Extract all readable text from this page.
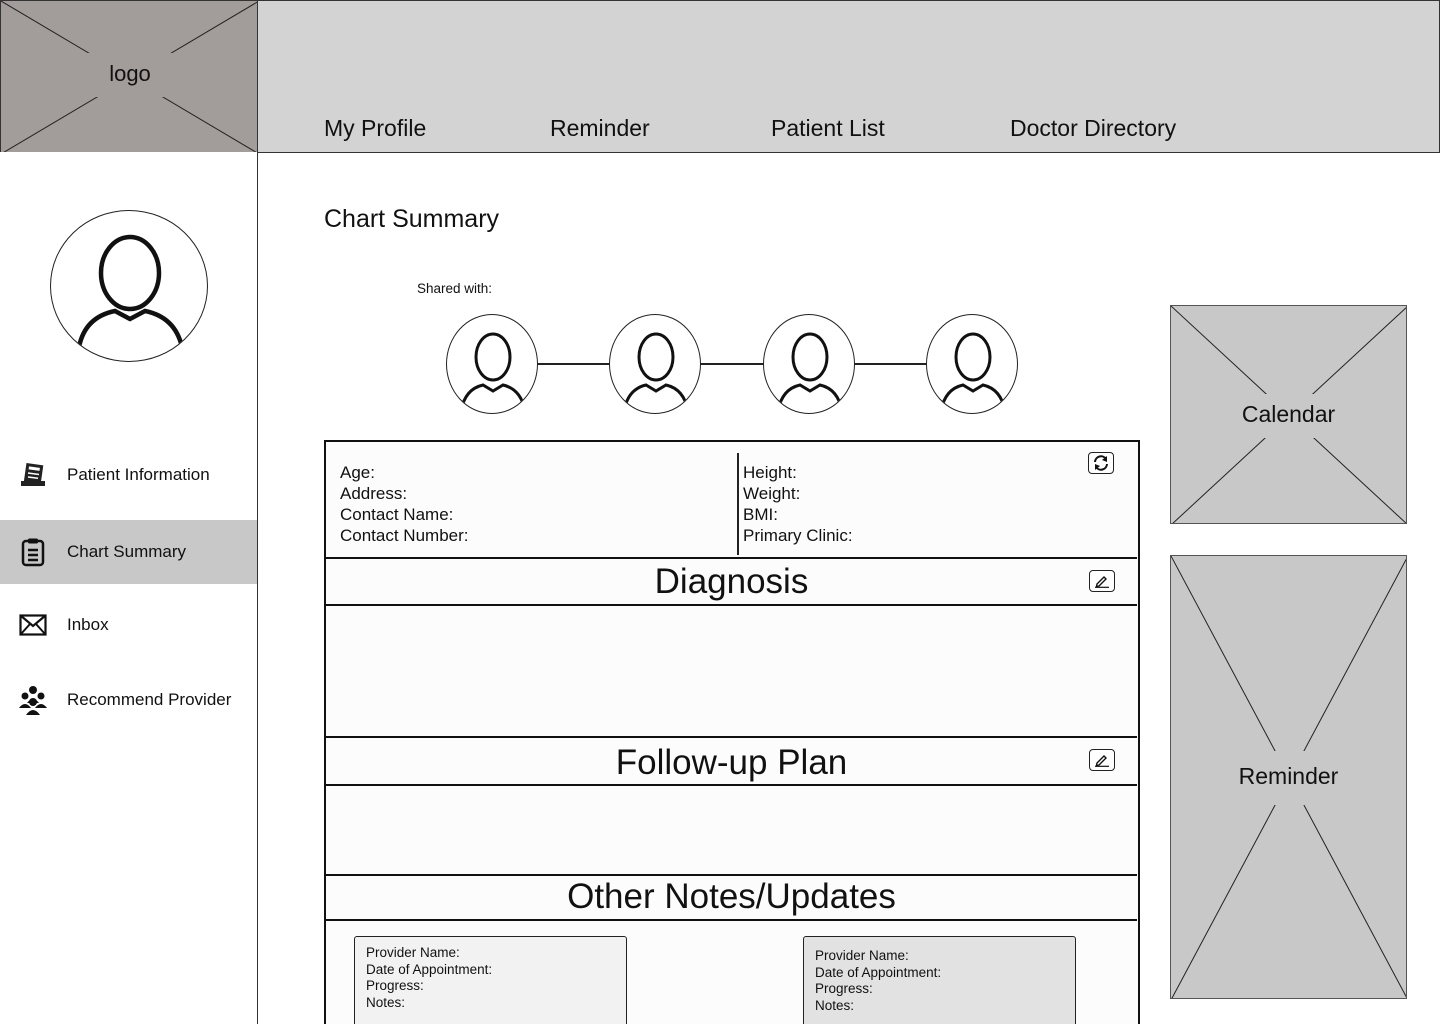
logo
My Profile	Reminder	Patient List	Doctor Directory
Patient Information
Chart Summary
Inbox
Recommend Provider
Chart Summary
Shared with:
Age:
Address:
Contact Name:
Contact Number:
Height:
Weight:
BMI:
Primary Clinic:
Diagnosis
Follow-up Plan
Other Notes/Updates
Provider Name:
Date of Appointment:
Progress:
Notes:
Provider Name:
Date of Appointment:
Progress:
Notes:
Calendar
Reminder
